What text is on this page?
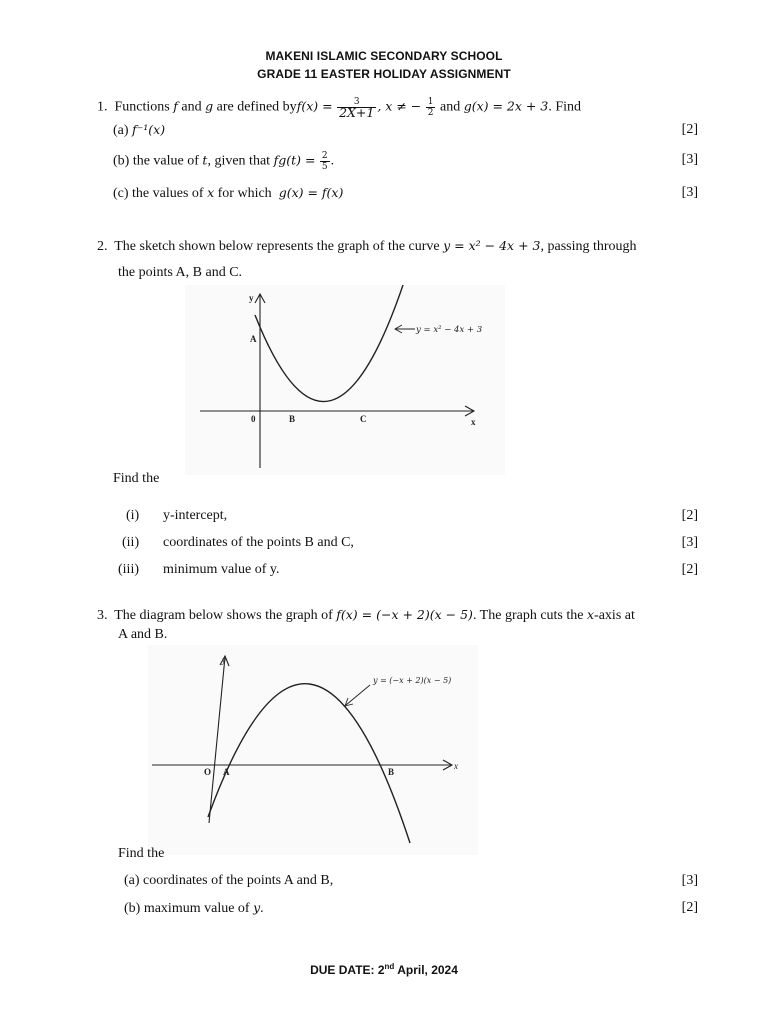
MAKENI ISLAMIC SECONDARY SCHOOL
GRADE 11 EASTER HOLIDAY ASSIGNMENT
1. Functions f and g are defined $byf(x) = \frac{3}{2X+1}$ , x ≠ − $\frac{1}{2}$ and g(x) = 2x + 3. Find
(a) f⁻¹(x)	[2]
(b) the value of t, given that $fg(t) = \frac{2}{5}$ .	[3]
(c) the values of x for which g(x) = f(x)	[3]
2. The sketch shown below represents the graph of the curve y = x² − 4x + 3, passing through
the points A, B and C.
y = x² − 4x + 3
y
x
0
A
B	C
Find the
(i) y-intercept,	[2]
(ii) coordinates of the points B and C,	[3]
(iii) minimum value of y.	[2]
3. The diagram below shows the graph of f(x) = (−x + 2)(x − 5). The graph cuts the x-axis at
A and B.
y = (−x + 2)(x − 5)
y
x
O A	B
Find the
(a) coordinates of the points A and B,	[3]
(b) maximum value of y.	[2]
DUE DATE: 2nd April, 2024
